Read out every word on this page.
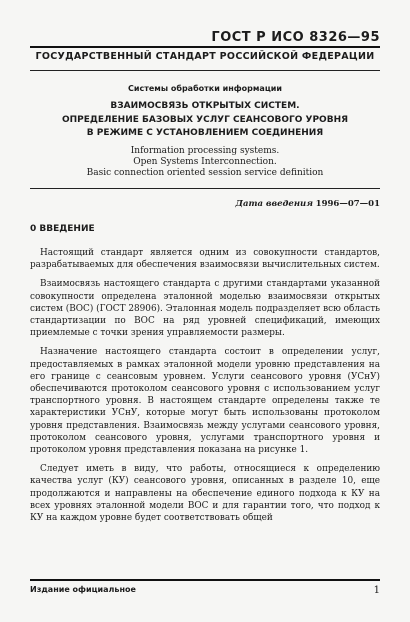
ГОСТ Р ИСО 8326—95
ГОСУДАРСТВЕННЫЙ СТАНДАРТ РОССИЙСКОЙ ФЕДЕРАЦИИ
Системы обработки информации
ВЗАИМОСВЯЗЬ ОТКРЫТЫХ СИСТЕМ.
ОПРЕДЕЛЕНИЕ БАЗОВЫХ УСЛУГ СЕАНСОВОГО УРОВНЯ
В РЕЖИМЕ С УСТАНОВЛЕНИЕМ СОЕДИНЕНИЯ
Information processing systems.
Open Systems Interconnection.
Basic connection oriented session service definition
Дата введения 1996—07—01
0 ВВЕДЕНИЕ

Настоящий стандарт является одним из совокупности стандартов, разрабатываемых для обеспечения взаимосвязи вычислительных систем.

Взаимосвязь настоящего стандарта с другими стандартами указанной совокупности определена эталонной моделью взаимосвязи открытых систем (ВОС) (ГОСТ 28906). Эталонная модель подразделяет всю область стандартизации по ВОС на ряд уровней спецификаций, имеющих приемлемые с точки зрения управляемости размеры.

Назначение настоящего стандарта состоит в определении услуг, предоставляемых в рамках эталонной модели уровню представления на его границе с сеансовым уровнем. Услуги сеансового уровня (УСнУ) обеспечиваются протоколом сеансового уровня с использованием услуг транспортного уровня. В настоящем стандарте определены также те характеристики УСнУ, которые могут быть использованы протоколом уровня представления. Взаимосвязь между услугами сеансового уровня, протоколом сеансового уровня, услугами транспортного уровня и протоколом уровня представления показана на рисунке 1.

Следует иметь в виду, что работы, относящиеся к определению качества услуг (КУ) сеансового уровня, описанных в разделе 10, еще продолжаются и направлены на обеспечение единого подхода к КУ на всех уровнях эталонной модели ВОС и для гарантии того, что подход к КУ на каждом уровне будет соответствовать общей

Издание официальное	1
